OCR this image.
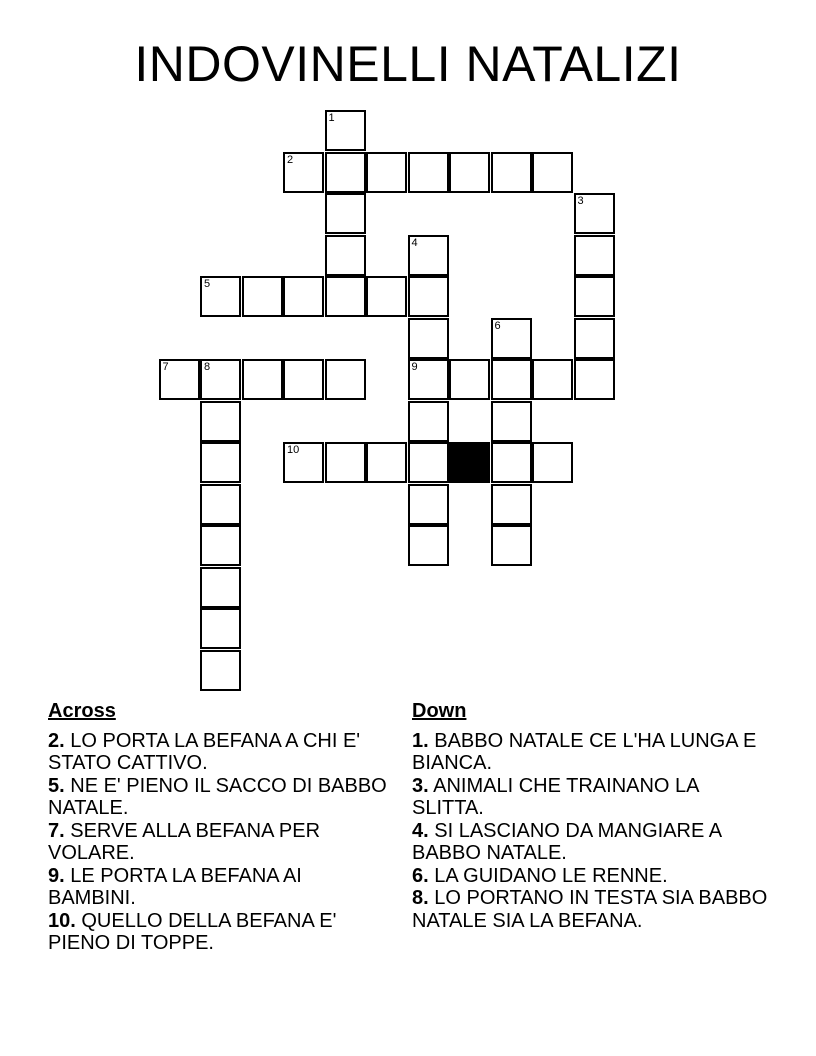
INDOVINELLI NATALIZI
2
1
3
4
9
5
6
7	8
10
Across
2. LO PORTA LA BEFANA A CHI E' STATO CATTIVO.
5. NE E' PIENO IL SACCO DI BABBO NATALE.
7. SERVE ALLA BEFANA PER VOLARE.
9. LE PORTA LA BEFANA AI BAMBINI.
10. QUELLO DELLA BEFANA E' PIENO DI TOPPE.
Down
1. BABBO NATALE CE L'HA LUNGA E BIANCA.
3. ANIMALI CHE TRAINANO LA SLITTA.
4. SI LASCIANO DA MANGIARE A BABBO NATALE.
6. LA GUIDANO LE RENNE.
8. LO PORTANO IN TESTA SIA BABBO NATALE SIA LA BEFANA.
